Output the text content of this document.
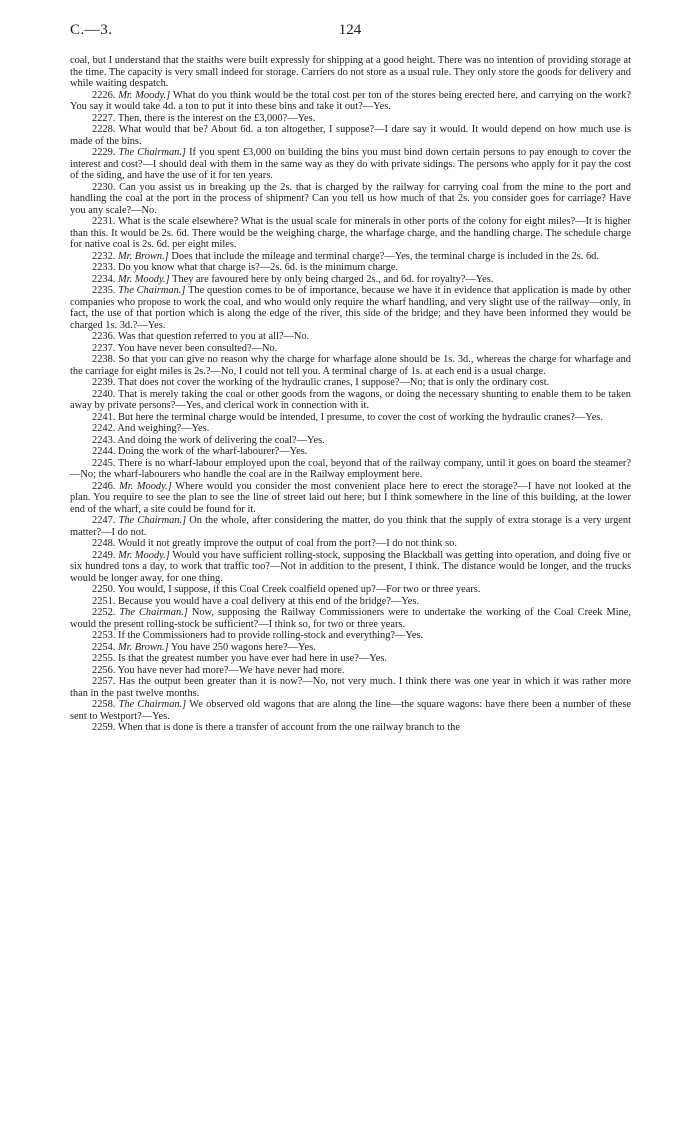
C.—3.	124

coal, but I understand that the staiths were built expressly for shipping at a good height. There was no intention of providing storage at the time. The capacity is very small indeed for storage. Carriers do not store as a usual rule. They only store the goods for delivery and while waiting despatch.

2226. Mr. Moody.] What do you think would be the total cost per ton of the stores being erected here, and carrying on the work? You say it would take 4d. a ton to put it into these bins and take it out?—Yes.

2227. Then, there is the interest on the £3,000?—Yes.

2228. What would that be? About 6d. a ton altogether, I suppose?—I dare say it would. It would depend on how much use is made of the bins.

2229. The Chairman.] If you spent £3,000 on building the bins you must bind down certain persons to pay enough to cover the interest and cost?—I should deal with them in the same way as they do with private sidings. The persons who apply for it pay the cost of the siding, and have the use of it for ten years.

2230. Can you assist us in breaking up the 2s. that is charged by the railway for carrying coal from the mine to the port and handling the coal at the port in the process of shipment? Can you tell us how much of that 2s. you consider goes for carriage? Have you any scale?—No.

2231. What is the scale elsewhere? What is the usual scale for minerals in other ports of the colony for eight miles?—It is higher than this. It would be 2s. 6d. There would be the weighing charge, the wharfage charge, and the handling charge. The schedule charge for native coal is 2s. 6d. per eight miles.

2232. Mr. Brown.] Does that include the mileage and terminal charge?—Yes, the terminal charge is included in the 2s. 6d.

2233. Do you know what that charge is?—2s. 6d. is the minimum charge.

2234. Mr. Moody.] They are favoured here by only being charged 2s., and 6d. for royalty?—Yes.

2235. The Chairman.] The question comes to be of importance, because we have it in evidence that application is made by other companies who propose to work the coal, and who would only require the wharf handling, and very slight use of the railway—only, in fact, the use of that portion which is along the edge of the river, this side of the bridge; and they have been informed they would be charged 1s. 3d.?—Yes.

2236. Was that question referred to you at all?—No.

2237. You have never been consulted?—No.

2238. So that you can give no reason why the charge for wharfage alone should be 1s. 3d., whereas the charge for wharfage and the carriage for eight miles is 2s.?—No, I could not tell you. A terminal charge of 1s. at each end is a usual charge.

2239. That does not cover the working of the hydraulic cranes, I suppose?—No; that is only the ordinary cost.

2240. That is merely taking the coal or other goods from the wagons, or doing the necessary shunting to enable them to be taken away by private persons?—Yes, and clerical work in connection with it.

2241. But here the terminal charge would be intended, I presume, to cover the cost of working the hydraulic cranes?—Yes.

2242. And weighing?—Yes.

2243. And doing the work of delivering the coal?—Yes.

2244. Doing the work of the wharf-labourer?—Yes.

2245. There is no wharf-labour employed upon the coal, beyond that of the railway company, until it goes on board the steamer?—No; the wharf-labourers who handle the coal are in the Railway employment here.

2246. Mr. Moody.] Where would you consider the most convenient place here to erect the storage?—I have not looked at the plan. You require to see the plan to see the line of street laid out here; but I think somewhere in the line of this building, at the lower end of the wharf, a site could be found for it.

2247. The Chairman.] On the whole, after considering the matter, do you think that the supply of extra storage is a very urgent matter?—I do not.

2248. Would it not greatly improve the output of coal from the port?—I do not think so.

2249. Mr. Moody.] Would you have sufficient rolling-stock, supposing the Blackball was getting into operation, and doing five or six hundred tons a day, to work that traffic too?—Not in addition to the present, I think. The distance would be longer, and the trucks would be longer away, for one thing.

2250. You would, I suppose, if this Coal Creek coalfield opened up?—For two or three years.

2251. Because you would have a coal delivery at this end of the bridge?—Yes.

2252. The Chairman.] Now, supposing the Railway Commissioners were to undertake the working of the Coal Creek Mine, would the present rolling-stock be sufficient?—I think so, for two or three years.

2253. If the Commissioners had to provide rolling-stock and everything?—Yes.

2254. Mr. Brown.] You have 250 wagons here?—Yes.

2255. Is that the greatest number you have ever had here in use?—Yes.

2256. You have never had more?—We have never had more.

2257. Has the output been greater than it is now?—No, not very much. I think there was one year in which it was rather more than in the past twelve months.

2258. The Chairman.] We observed old wagons that are along the line—the square wagons: have there been a number of these sent to Westport?—Yes.

2259. When that is done is there a transfer of account from the one railway branch to the
